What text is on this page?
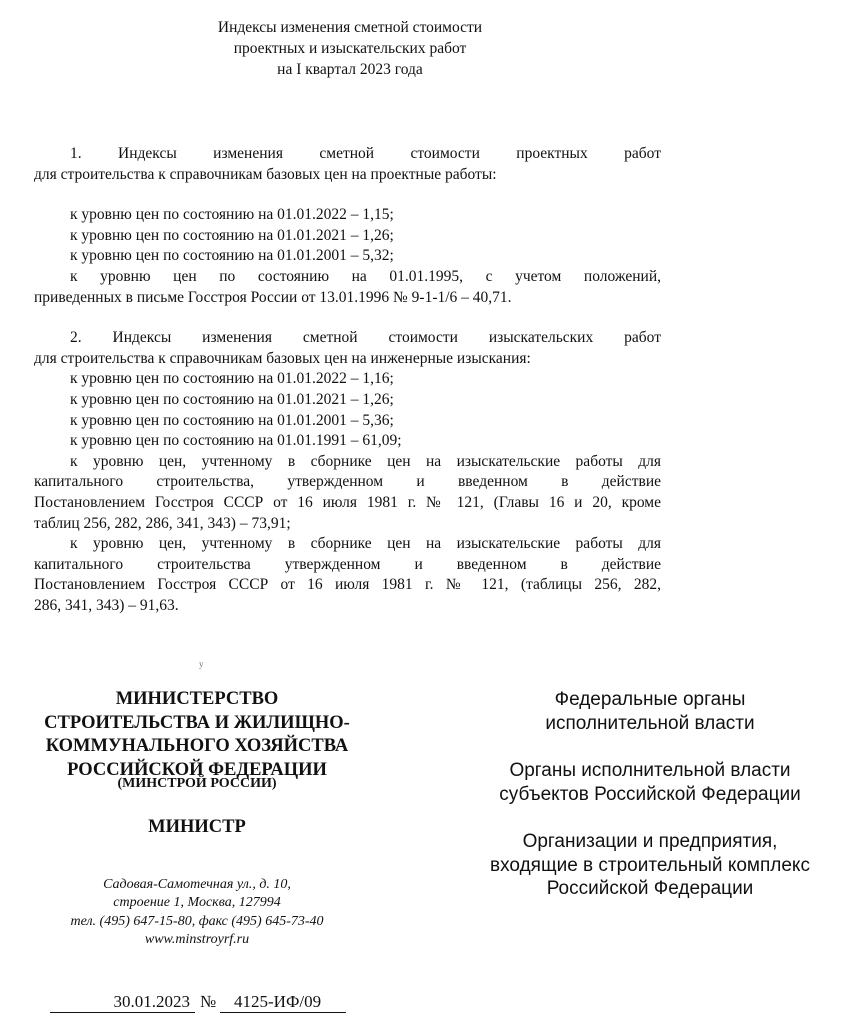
Индексы изменения сметной стоимости
проектных и изыскательских работ
на I квартал 2023 года

1. Индексы изменения сметной стоимости проектных работ

для строительства к справочникам базовых цен на проектные работы:

к уровню цен по состоянию на 01.01.2022 – 1,15;

к уровню цен по состоянию на 01.01.2021 – 1,26;

к уровню цен по состоянию на 01.01.2001 – 5,32;

к уровню цен по состоянию на 01.01.1995, с учетом положений,

приведенных в письме Госстроя России от 13.01.1996 № 9-1-1/6 – 40,71.

2. Индексы изменения сметной стоимости изыскательских работ

для строительства к справочникам базовых цен на инженерные изыскания:

к уровню цен по состоянию на 01.01.2022 – 1,16;

к уровню цен по состоянию на 01.01.2021 – 1,26;

к уровню цен по состоянию на 01.01.2001 – 5,36;

к уровню цен по состоянию на 01.01.1991 – 61,09;

к уровню цен, учтенному в сборнике цен на изыскательские работы для

капитального строительства, утвержденном и введенном в действие

Постановлением Госстроя СССР от 16 июля 1981 г. № 121, (Главы 16 и 20, кроме

таблиц 256, 282, 286, 341, 343) – 73,91;

к уровню цен, учтенному в сборнике цен на изыскательские работы для

капитального строительства утвержденном и введенном в действие

Постановлением Госстроя СССР от 16 июля 1981 г. № 121, (таблицы 256, 282,

286, 341, 343) – 91,63.

у
МИНИСТЕРСТВО
СТРОИТЕЛЬСТВА И ЖИЛИЩНО-
КОММУНАЛЬНОГО ХОЗЯЙСТВА
РОССИЙСКОЙ ФЕДЕРАЦИИ
(МИНСТРОЙ РОССИИ)
МИНИСТР
Садовая-Самотечная ул., д. 10,
строение 1, Москва, 127994
тел. (495) 647-15-80, факс (495) 645-73-40
www.minstroyrf.ru
30.01.2023 №	4125-ИФ/09
Федеральные органы
исполнительной власти
Органы исполнительной власти
субъектов Российской Федерации
Организации и предприятия,
входящие в строительный комплекс
Российской Федерации
